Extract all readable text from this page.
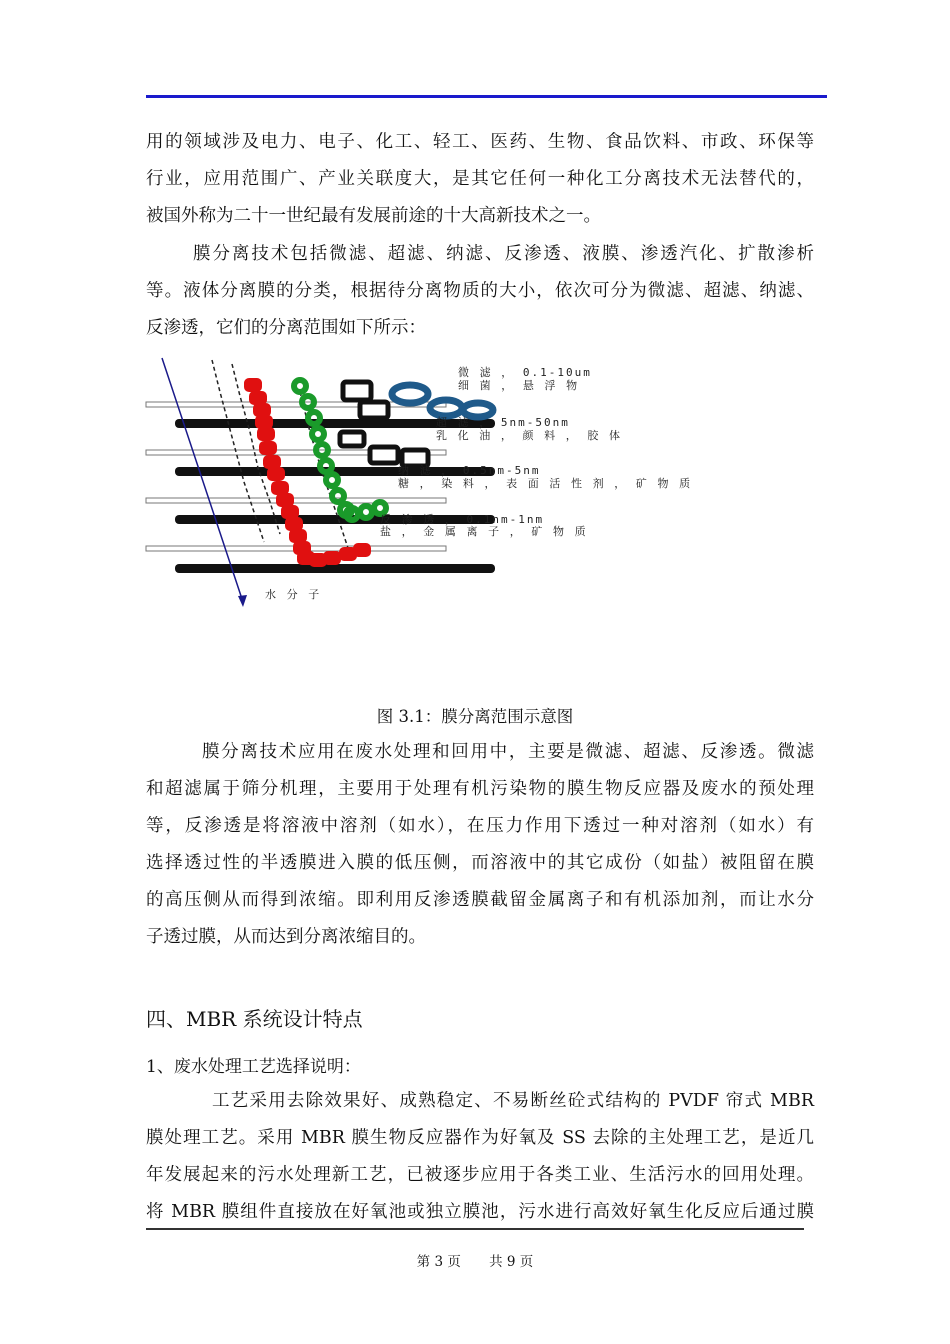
用的领域涉及电力、电子、化工、轻工、医药、生物、食品饮料、市政、环保等
行业，应用范围广、产业关联度大，是其它任何一种化工分离技术无法替代的，
被国外称为二十一世纪最有发展前途的十大高新技术之一。
膜分离技术包括微滤、超滤、纳滤、反渗透、液膜、渗透汽化、扩散渗析
等。液体分离膜的分类，根据待分离物质的大小，依次可分为微滤、超滤、纳滤、
反渗透，它们的分离范围如下所示：
微 滤 ， 0.1-10um
细 菌 ， 悬 浮 物
超 滤 ， 5nm-50nm
乳 化 油 ， 颜 料 ， 胶 体
纳 滤 ， 0.5nm-5nm
糖 ， 染 料 ， 表 面 活 性 剂 ， 矿 物 质
反 渗 透 ， 0.1nm-1nm
盐 ， 金 属 离 子 ， 矿 物 质
水 分 子
图 3.1：膜分离范围示意图
膜分离技术应用在废水处理和回用中，主要是微滤、超滤、反渗透。微滤
和超滤属于筛分机理，主要用于处理有机污染物的膜生物反应器及废水的预处理
等，反渗透是将溶液中溶剂（如水），在压力作用下透过一种对溶剂（如水）有
选择透过性的半透膜进入膜的低压侧，而溶液中的其它成份（如盐）被阻留在膜
的高压侧从而得到浓缩。即利用反渗透膜截留金属离子和有机添加剂，而让水分
子透过膜，从而达到分离浓缩目的。
四、MBR 系统设计特点
1、废水处理工艺选择说明：
工艺采用去除效果好、成熟稳定、不易断丝砼式结构的 PVDF 帘式 MBR
膜处理工艺。采用 MBR 膜生物反应器作为好氧及 SS 去除的主处理工艺，是近几
年发展起来的污水处理新工艺，已被逐步应用于各类工业、生活污水的回用处理。
将 MBR 膜组件直接放在好氧池或独立膜池，污水进行高效好氧生化反应后通过膜
第 3 页 共 9 页
